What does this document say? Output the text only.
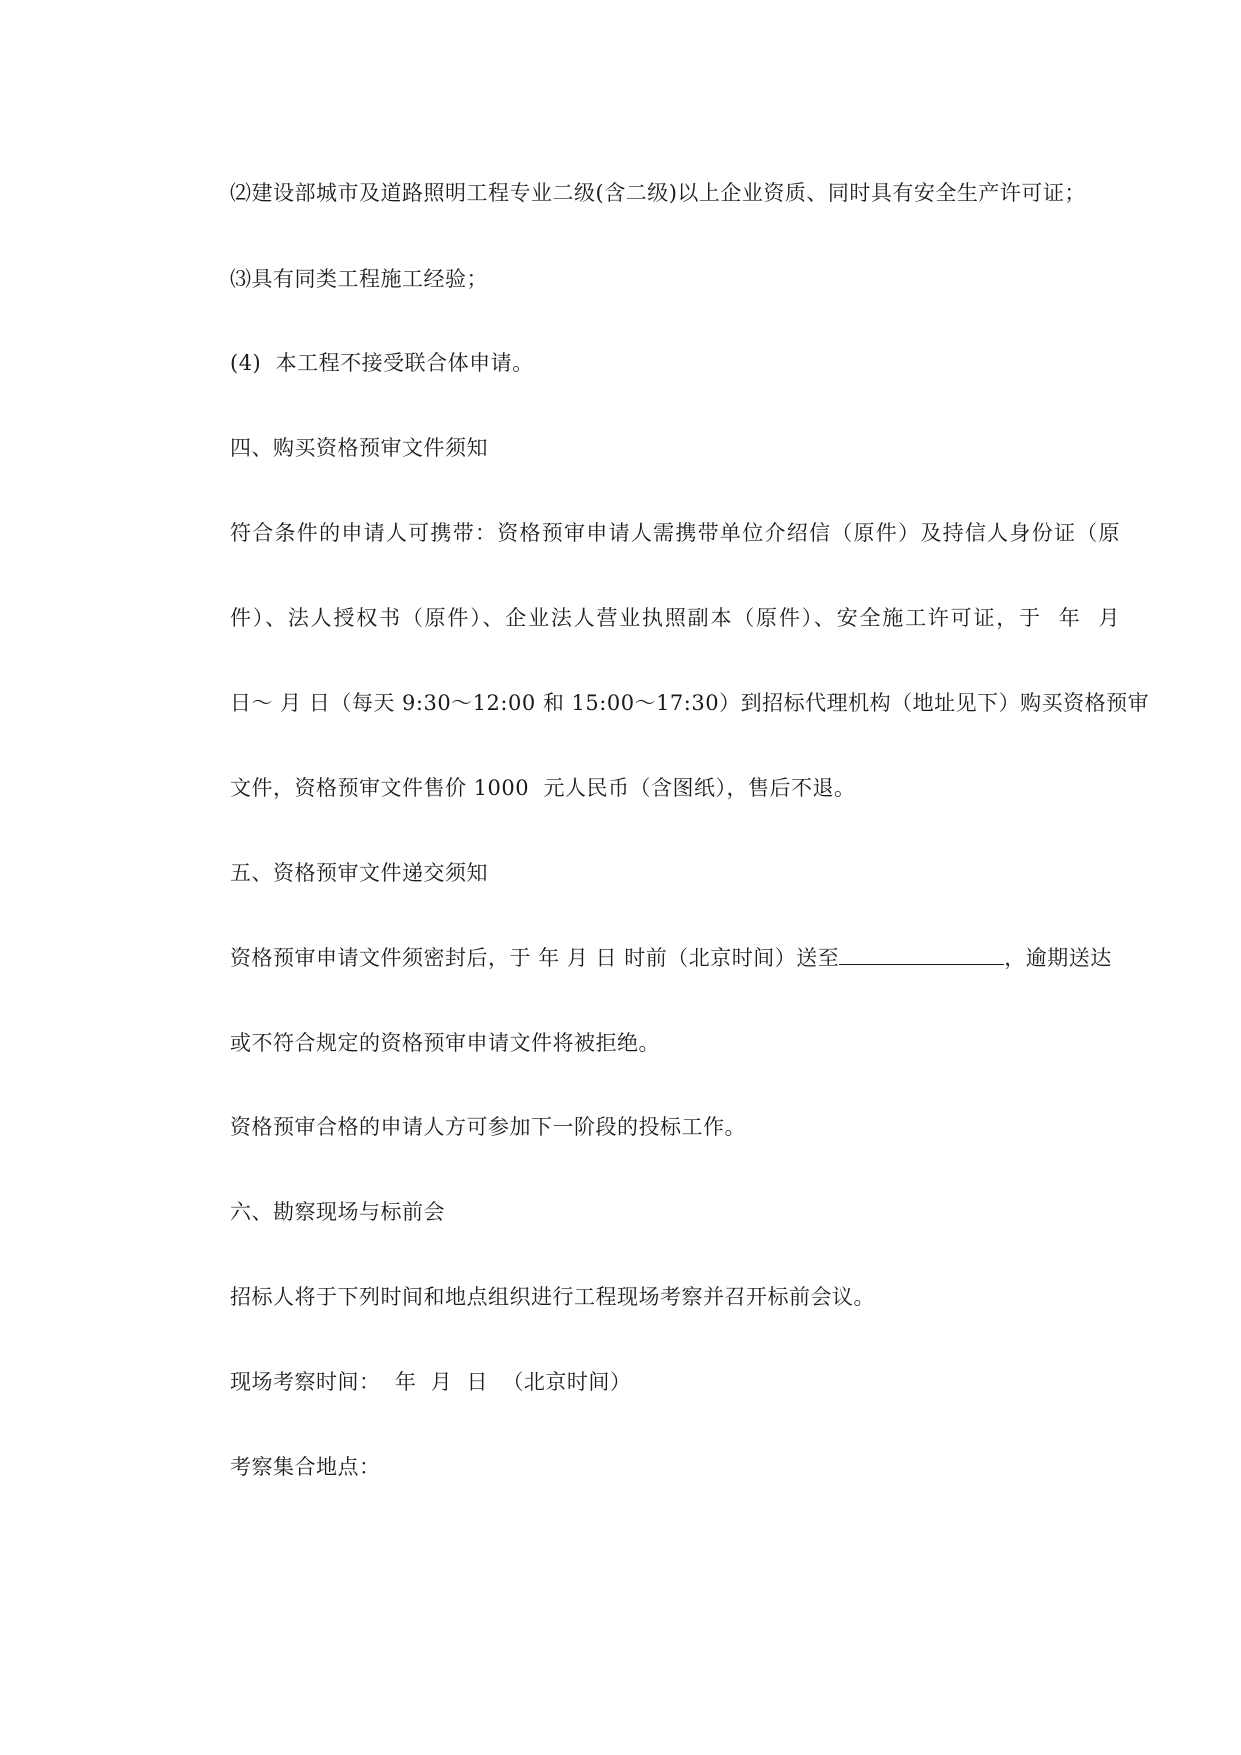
⑵建设部城市及道路照明工程专业二级(含二级)以上企业资质、同时具有安全生产许可证；
⑶具有同类工程施工经验；
(4)  本工程不接受联合体申请。
四、购买资格预审文件须知
符合条件的申请人可携带：资格预审申请人需携带单位介绍信（原件）及持信人身份证（原
件）、法人授权书（原件）、企业法人营业执照副本（原件）、安全施工许可证，于  年  月
日～ 月 日（每天 9:30～12:00 和 15:00～17:30）到招标代理机构（地址见下）购买资格预审
文件，资格预审文件售价 1000  元人民币（含图纸），售后不退。
五、资格预审文件递交须知
资格预审申请文件须密封后，于 年 月 日 时前（北京时间）送至	，逾期送达
或不符合规定的资格预审申请文件将被拒绝。
资格预审合格的申请人方可参加下一阶段的投标工作。
六、勘察现场与标前会
招标人将于下列时间和地点组织进行工程现场考察并召开标前会议。
现场考察时间：  年  月  日  （北京时间）
考察集合地点：
